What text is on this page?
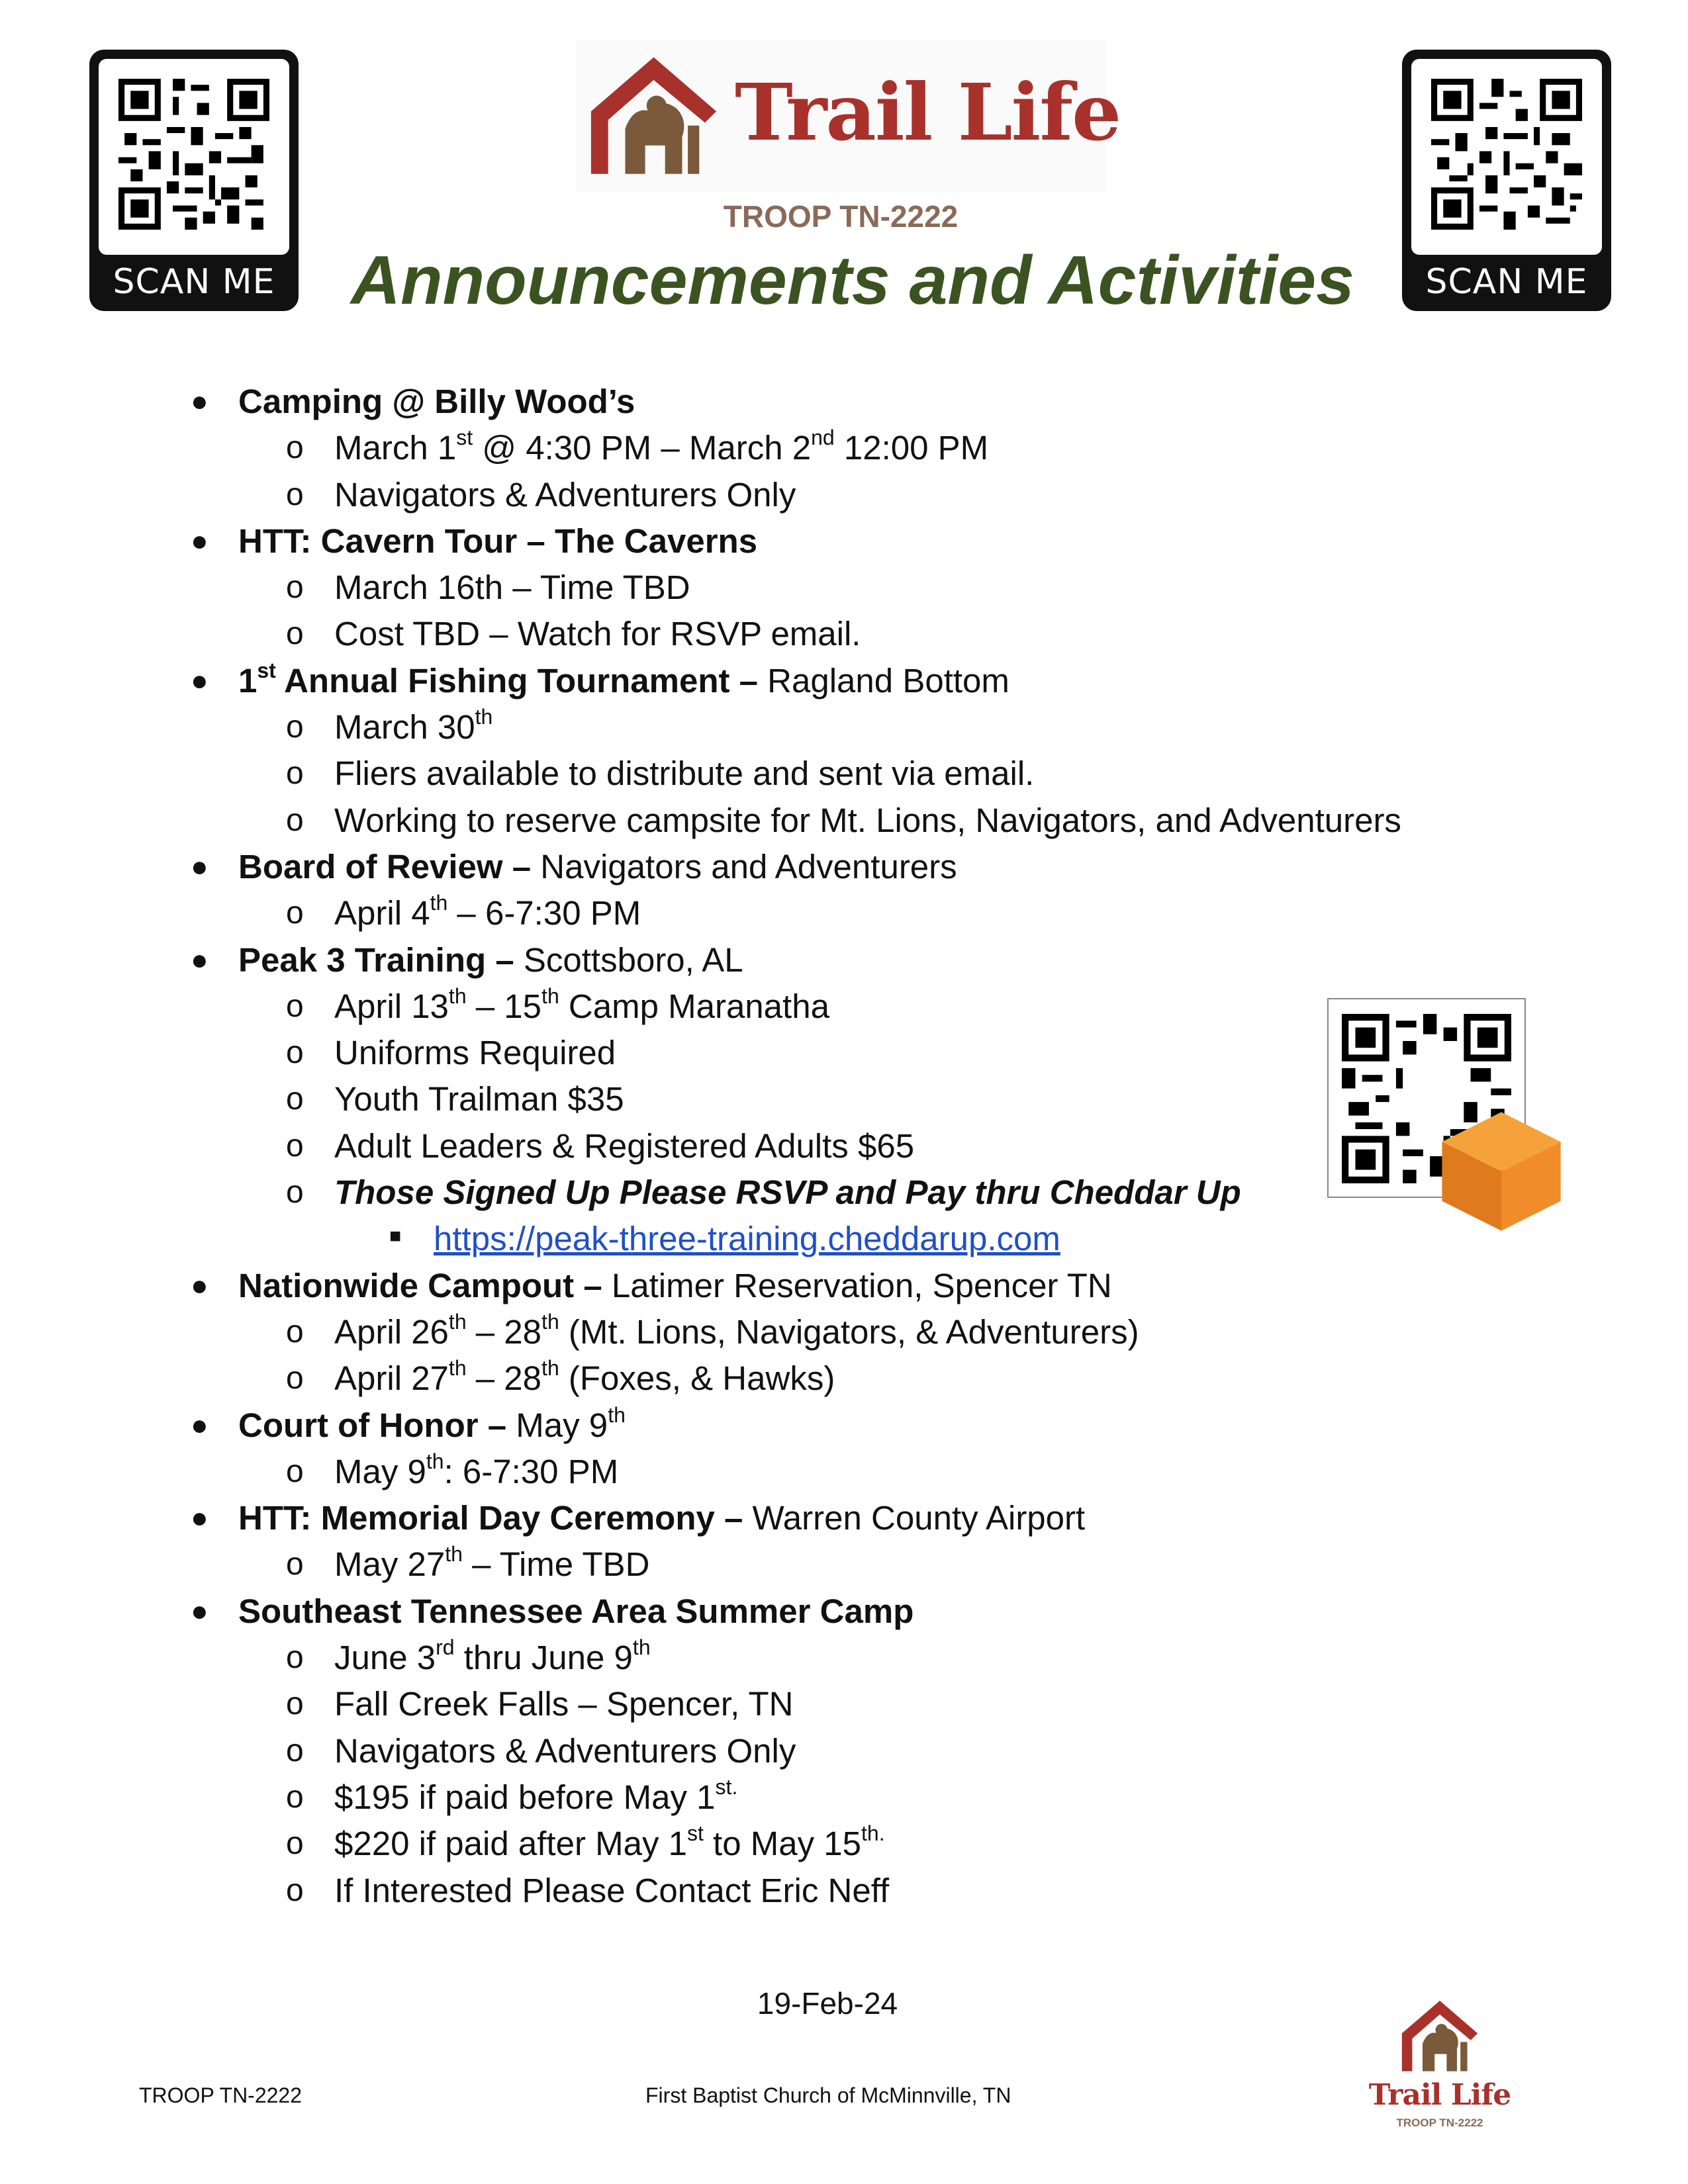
SCAN ME	SCAN ME
Trail Life
TROOP TN-2222
Announcements and Activities
● Camping @ Billy Wood’s
o March 1st @ 4:30 PM – March 2nd 12:00 PM
o Navigators & Adventurers Only
● HTT: Cavern Tour – The Caverns
o March 16th – Time TBD
o Cost TBD – Watch for RSVP email.
● 1st Annual Fishing Tournament – Ragland Bottom
o March 30th
o Fliers available to distribute and sent via email.
o Working to reserve campsite for Mt. Lions, Navigators, and Adventurers
● Board of Review – Navigators and Adventurers
o April 4th – 6-7:30 PM
● Peak 3 Training – Scottsboro, AL
o April 13th – 15th Camp Maranatha
o Uniforms Required
o Youth Trailman $35
o Adult Leaders & Registered Adults $65
o Those Signed Up Please RSVP and Pay thru Cheddar Up
■ https://peak-three-training.cheddarup.com
● Nationwide Campout – Latimer Reservation, Spencer TN
o April 26th – 28th (Mt. Lions, Navigators, & Adventurers)
o April 27th – 28th (Foxes, & Hawks)
● Court of Honor – May 9th
o May 9th: 6-7:30 PM
● HTT: Memorial Day Ceremony – Warren County Airport
o May 27th – Time TBD
● Southeast Tennessee Area Summer Camp
o June 3rd thru June 9th
o Fall Creek Falls – Spencer, TN
o Navigators & Adventurers Only
o $195 if paid before May $1^{st.}$
o $220 if paid after May 1st to May $15^{th.}$
o If Interested Please Contact Eric Neff
19-Feb-24
TROOP TN-2222	First Baptist Church of McMinnville, TN	Trail Life
TROOP TN-2222
